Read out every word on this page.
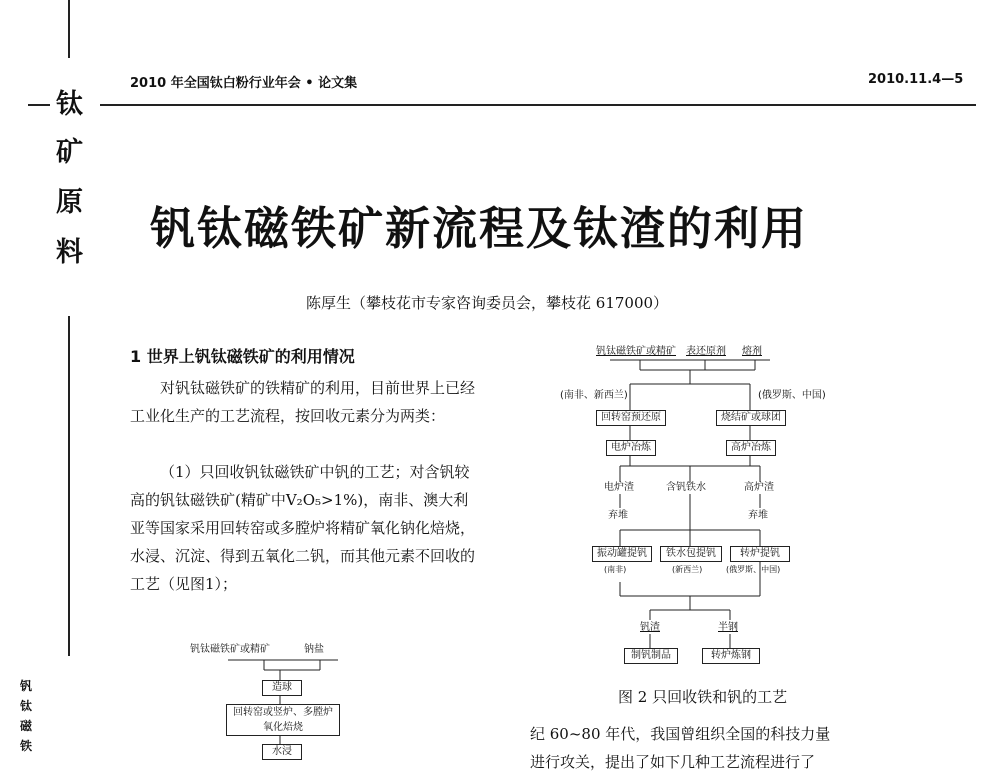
钛
矿
原
料
钒
钛
磁
铁
2010 年全国钛白粉行业年会 • 论文集	2010.11.4—5
钒钛磁铁矿新流程及钛渣的利用
陈厚生（攀枝花市专家咨询委员会，攀枝花 617000）
1 世界上钒钛磁铁矿的利用情况
对钒钛磁铁矿的铁精矿的利用，目前世界上已经工业化生产的工艺流程，按回收元素分为两类：
（1）只回收钒钛磁铁矿中钒的工艺；对含钒较高的钒钛磁铁矿(精矿中V₂O₅>1%)，南非、澳大利亚等国家采用回转窑或多膛炉将精矿氧化钠化焙烧，水浸、沉淀、得到五氧化二钒，而其他元素不回收的工艺（见图1）；
钒钛磁铁矿或精矿	钠盐
造球
回转窑或竖炉、多膛炉
氧化焙烧
水浸
钒钛磁铁矿或精矿 表还原剂 熔剂
(南非、新西兰)	(俄罗斯、中国)
回转窑预还原	烧结矿或球团
电炉冶炼	高炉冶炼
电炉渣	含钒铁水	高炉渣
弃堆	弃堆
振动罐提钒
(南非)
铁水包提钒
(新西兰)
转炉提钒
(俄罗斯、中国)
钒渣	半钢
制钒制品	转炉炼钢
图 2 只回收铁和钒的工艺
纪 60~80 年代，我国曾组织全国的科技力量
进行攻关，提出了如下几种工艺流程进行了
